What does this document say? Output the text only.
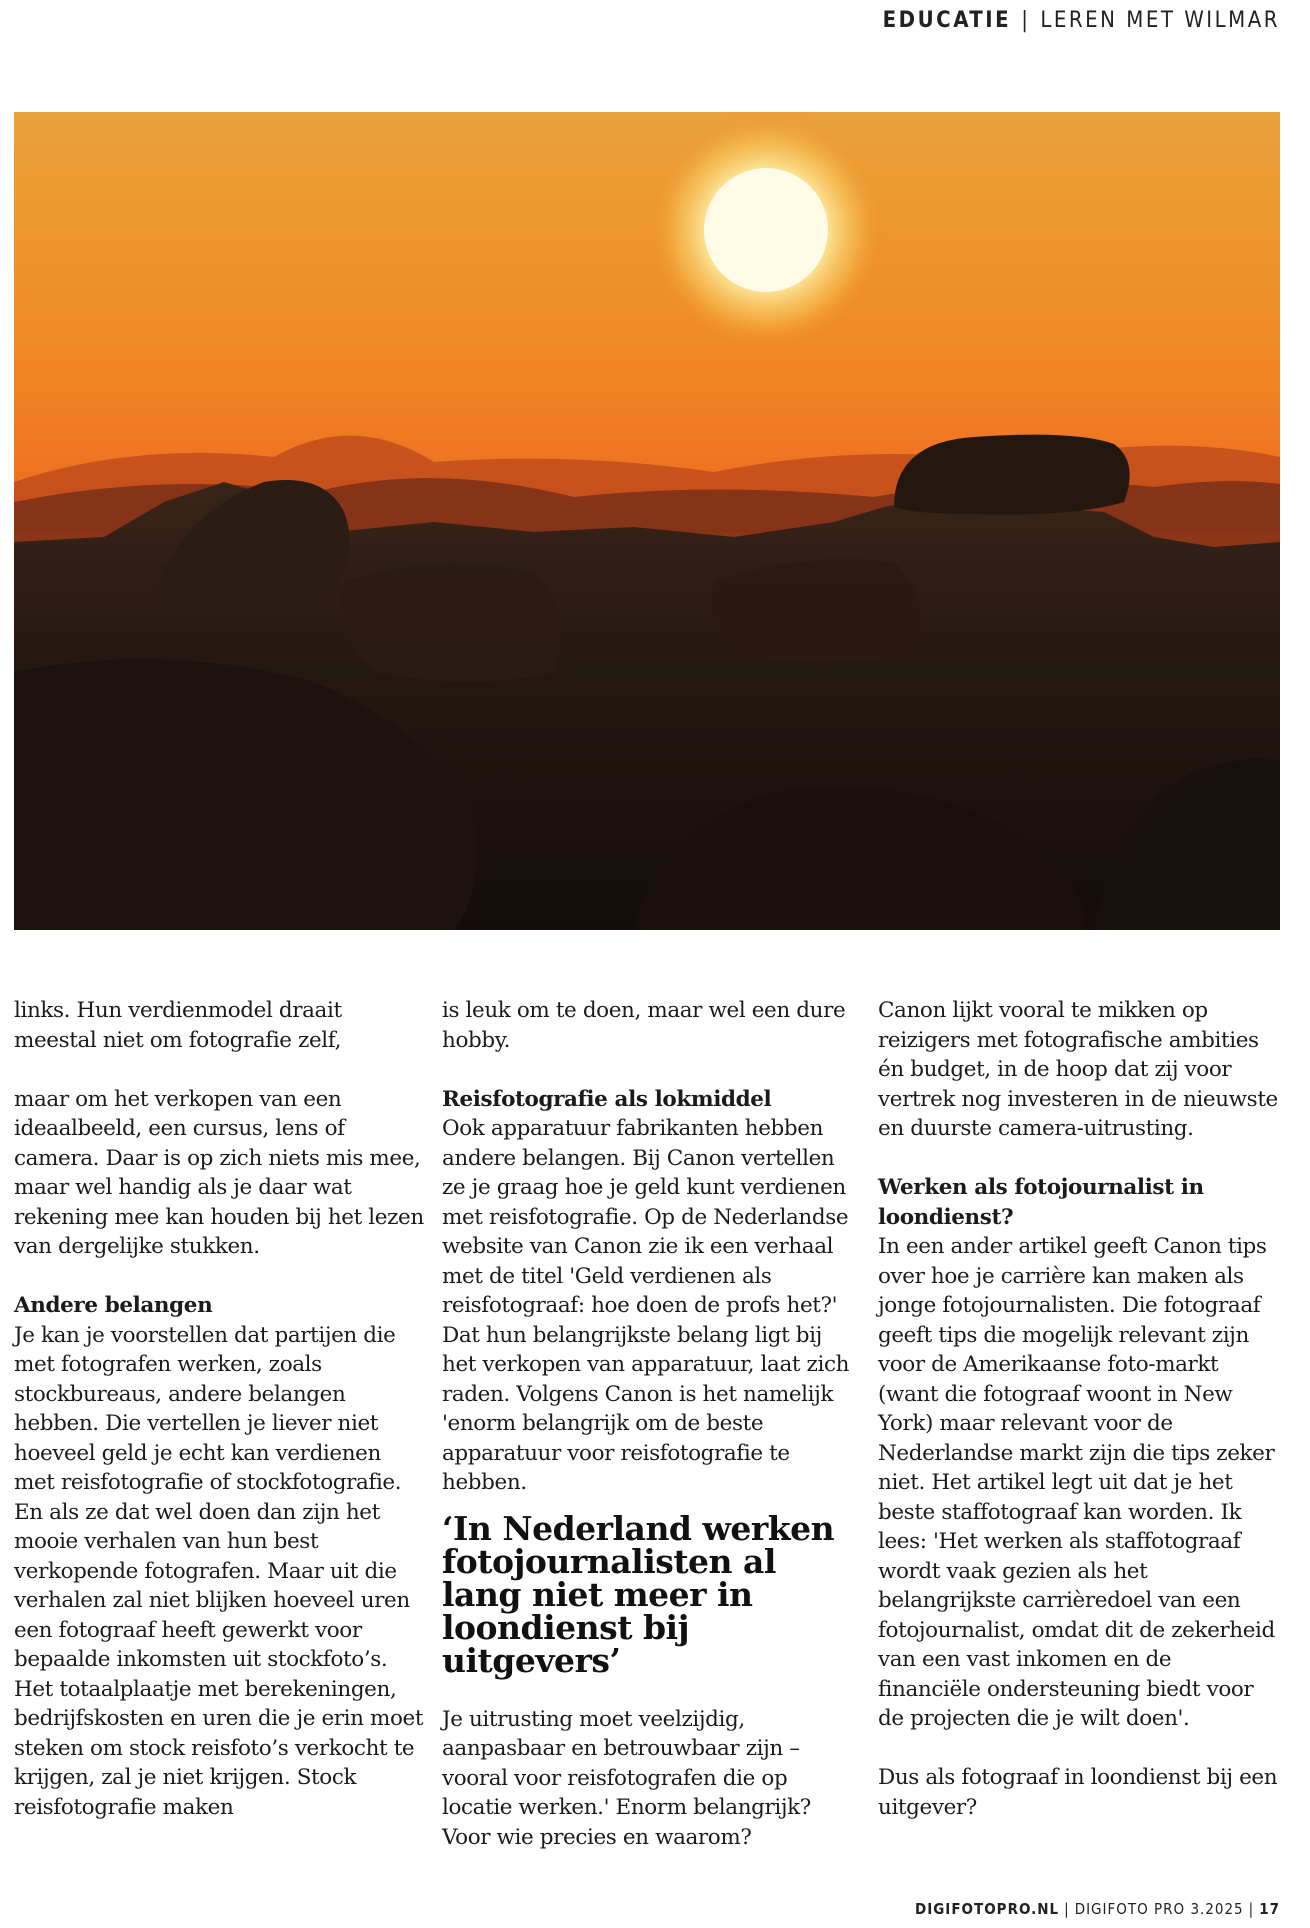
EDUCATIE | LEREN MET WILMAR

links. Hun verdienmodel draait meestal niet om fotografie zelf,

maar om het verkopen van een ideaalbeeld, een cursus, lens of camera. Daar is op zich niets mis mee, maar wel handig als je daar wat rekening mee kan houden bij het lezen van dergelijke stukken.

Andere belangen

Je kan je voorstellen dat partijen die met fotografen werken, zoals stockbureaus, andere belangen hebben. Die vertellen je liever niet hoeveel geld je echt kan verdienen met reisfotografie of stockfotografie. En als ze dat wel doen dan zijn het mooie verhalen van hun best verkopende fotografen. Maar uit die verhalen zal niet blijken hoeveel uren een fotograaf heeft gewerkt voor bepaalde inkomsten uit stockfoto’s. Het totaalplaatje met berekeningen, bedrijfskosten en uren die je erin moet steken om stock reisfoto’s verkocht te krijgen, zal je niet krijgen. Stock reisfotografie maken

is leuk om te doen, maar wel een dure hobby.

Reisfotografie als lokmiddel

Ook apparatuur fabrikanten hebben andere belangen. Bij Canon vertellen ze je graag hoe je geld kunt verdienen met reisfotografie. Op de Nederlandse website van Canon zie ik een verhaal met de titel 'Geld verdienen als reisfotograaf: hoe doen de profs het?' Dat hun belangrijkste belang ligt bij het verkopen van apparatuur, laat zich raden. Volgens Canon is het namelijk 'enorm belangrijk om de beste apparatuur voor reisfotografie te hebben.

‘In Nederland werken fotojournalisten al lang niet meer in loondienst bij uitgevers’

Je uitrusting moet veelzijdig, aanpasbaar en betrouwbaar zijn – vooral voor reisfotografen die op locatie werken.' Enorm belangrijk? Voor wie precies en waarom?

Canon lijkt vooral te mikken op reizigers met fotografische ambities én budget, in de hoop dat zij voor vertrek nog investeren in de nieuwste en duurste camera-uitrusting.

Werken als fotojournalist in loondienst?

In een ander artikel geeft Canon tips over hoe je carrière kan maken als jonge fotojournalisten. Die fotograaf geeft tips die mogelijk relevant zijn voor de Amerikaanse foto-markt (want die fotograaf woont in New York) maar relevant voor de Nederlandse markt zijn die tips zeker niet. Het artikel legt uit dat je het beste staffotograaf kan worden. Ik lees: 'Het werken als staffotograaf wordt vaak gezien als het belangrijkste carrièredoel van een fotojournalist, omdat dit de zekerheid van een vast inkomen en de financiële ondersteuning biedt voor de projecten die je wilt doen'.

Dus als fotograaf in loondienst bij een uitgever?

DIGIFOTOPRO.NL | DIGIFOTO PRO 3.2025 | 17
